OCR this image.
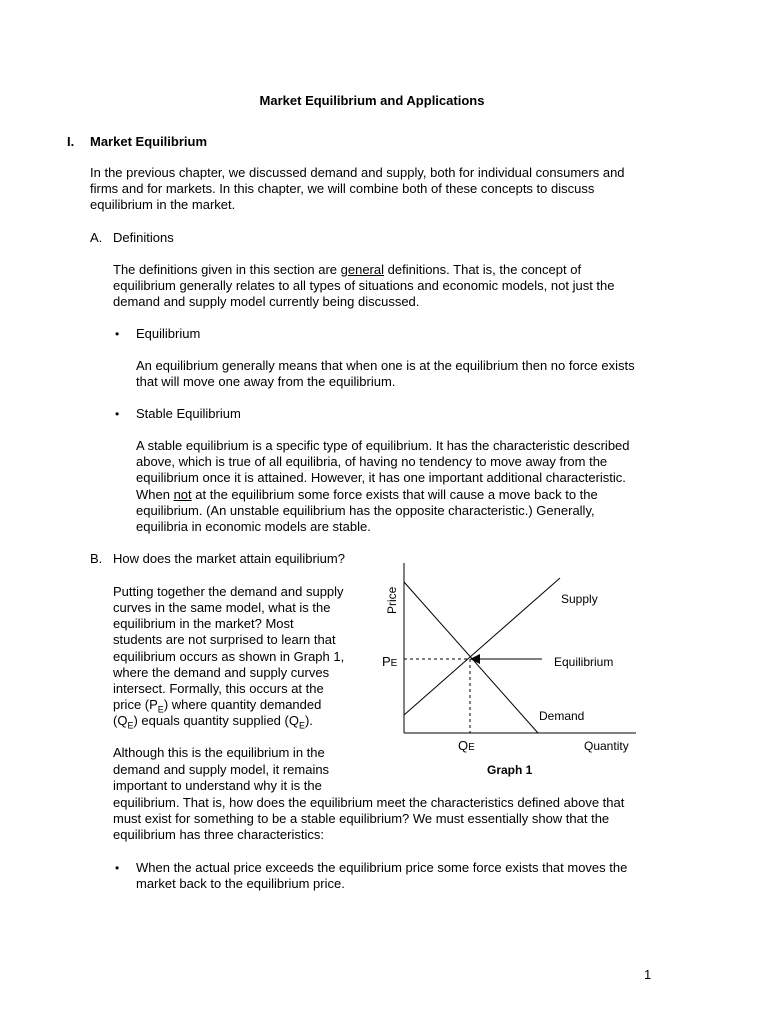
Market Equilibrium and Applications
I. Market Equilibrium
In the previous chapter, we discussed demand and supply, both for individual consumers and
firms and for markets. In this chapter, we will combine both of these concepts to discuss
equilibrium in the market.
A. Definitions
The definitions given in this section are general definitions. That is, the concept of
equilibrium generally relates to all types of situations and economic models, not just the
demand and supply model currently being discussed.
• Equilibrium
An equilibrium generally means that when one is at the equilibrium then no force exists
that will move one away from the equilibrium.
• Stable Equilibrium
A stable equilibrium is a specific type of equilibrium. It has the characteristic described
above, which is true of all equilibria, of having no tendency to move away from the
equilibrium once it is attained. However, it has one important additional characteristic.
When not at the equilibrium some force exists that will cause a move back to the
equilibrium. (An unstable equilibrium has the opposite characteristic.) Generally,
equilibria in economic models are stable.
B. How does the market attain equilibrium?
Putting together the demand and supply
curves in the same model, what is the
equilibrium in the market? Most
students are not surprised to learn that
equilibrium occurs as shown in Graph 1,
where the demand and supply curves
intersect. Formally, this occurs at the
price $(P_E)$ where quantity demanded
$(Q_E)$ equals quantity supplied $(Q_E)$.
Although this is the equilibrium in the
demand and supply model, it remains
important to understand why it is the
equilibrium. That is, how does the equilibrium meet the characteristics defined above that
must exist for something to be a stable equilibrium? We must essentially show that the
equilibrium has three characteristics:
• When the actual price exceeds the equilibrium price some force exists that moves the
market back to the equilibrium price.
Price
Quantity
Supply
Demand
Equilibrium
PE
QE
Graph 1
1
